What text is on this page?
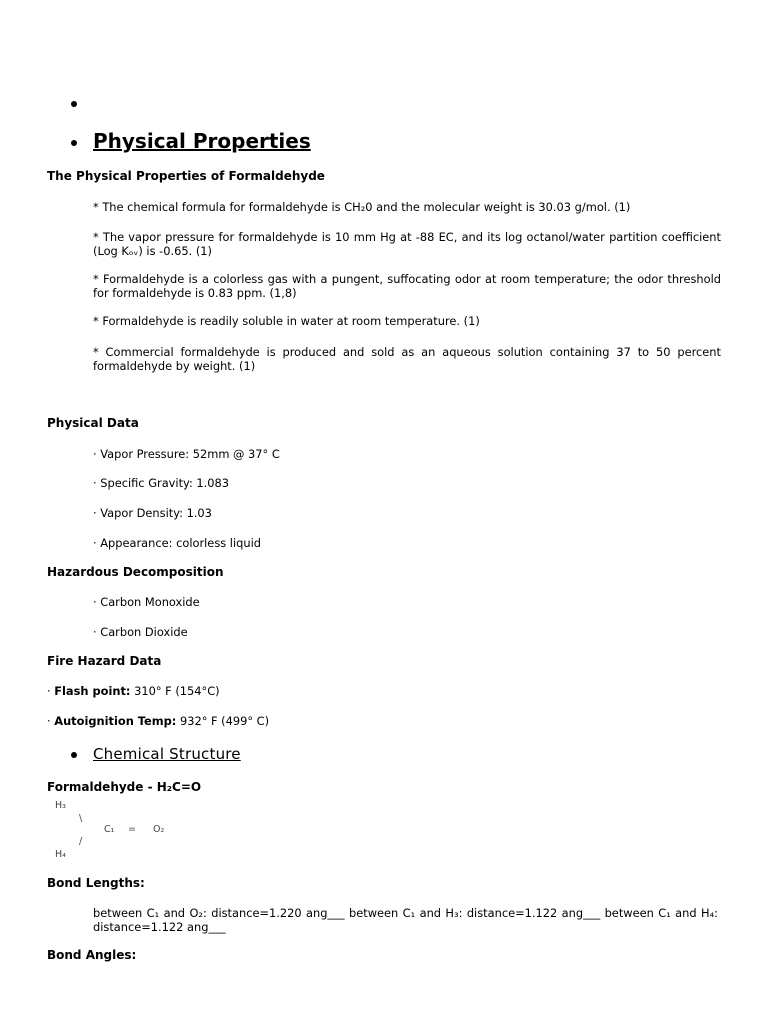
Physical Properties
The Physical Properties of Formaldehyde
* The chemical formula for formaldehyde is CH₂0 and the molecular weight is 30.03 g/mol. (1)
* The vapor pressure for formaldehyde is 10 mm Hg at -88 EC, and its log octanol/water partition coefficient (Log Kₒᵥ) is -0.65. (1)
* Formaldehyde is a colorless gas with a pungent, suffocating odor at room temperature; the odor threshold for formaldehyde is 0.83 ppm. (1,8)
* Formaldehyde is readily soluble in water at room temperature. (1)
* Commercial formaldehyde is produced and sold as an aqueous solution containing 37 to 50 percent formaldehyde by weight. (1)
Physical Data
· Vapor Pressure: 52mm @ 37° C
· Specific Gravity: 1.083
· Vapor Density: 1.03
· Appearance: colorless liquid
Hazardous Decomposition
· Carbon Monoxide
· Carbon Dioxide
Fire Hazard Data
· Flash point: 310° F (154°C)
· Autoignition Temp: 932° F (499° C)
Chemical Structure
Formaldehyde - H₂C=O
H₃
\
C₁ = O₂
/
H₄
Bond Lengths:
between C₁ and O₂: distance=1.220 ang___ between C₁ and H₃: distance=1.122 ang___ between C₁ and H₄: distance=1.122 ang___
Bond Angles:
